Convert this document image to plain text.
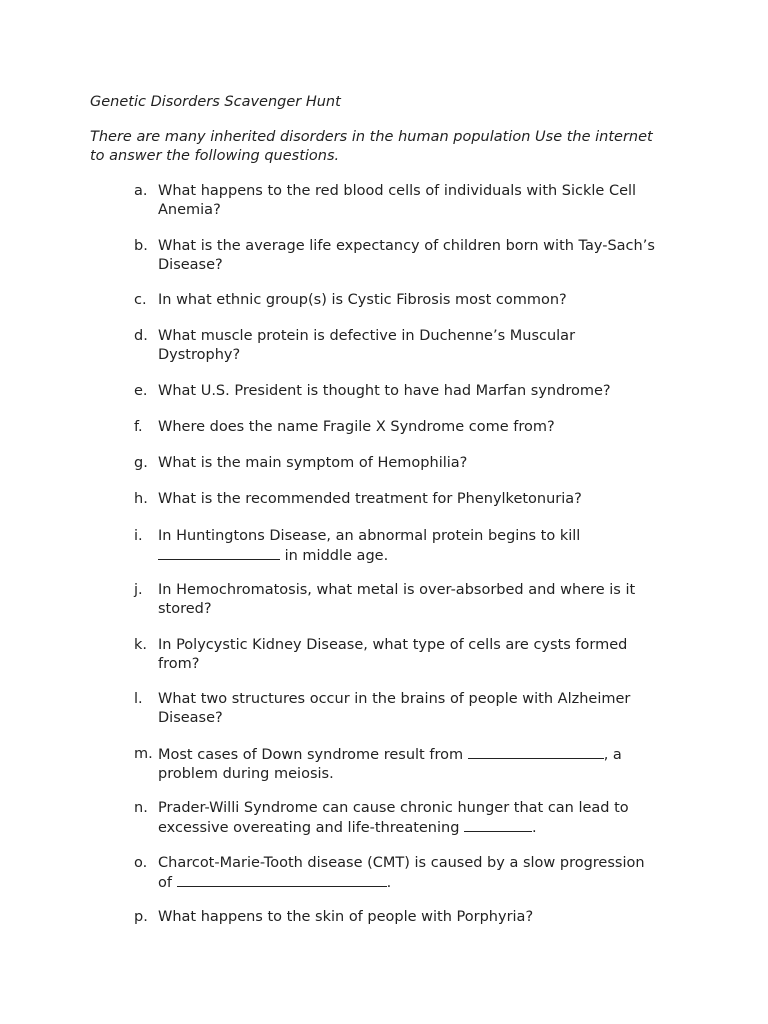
Genetic Disorders Scavenger Hunt

There are many inherited disorders in the human population Use the internet to answer the following questions.

a. What happens to the red blood cells of individuals with Sickle Cell Anemia?
b. What is the average life expectancy of children born with Tay-Sach’s Disease?
c. In what ethnic group(s) is Cystic Fibrosis most common?
d. What muscle protein is defective in Duchenne’s Muscular Dystrophy?
e. What U.S. President is thought to have had Marfan syndrome?
f.	Where does the name Fragile X Syndrome come from?
g. What is the main symptom of Hemophilia?
h. What is the recommended treatment for Phenylketonuria?
i.	In Huntingtons Disease, an abnormal protein begins to kill
in middle age.
j.	In Hemochromatosis, what metal is over-absorbed and where is it stored?
k. In Polycystic Kidney Disease, what type of cells are cysts formed from?
l.	What two structures occur in the brains of people with Alzheimer Disease?
m. Most cases of Down syndrome result from	, a problem during meiosis.
n. Prader-Willi Syndrome can cause chronic hunger that can lead to excessive overeating and life-threatening	.
o. Charcot-Marie-Tooth disease (CMT) is caused by a slow progression of	.
p. What happens to the skin of people with Porphyria?
